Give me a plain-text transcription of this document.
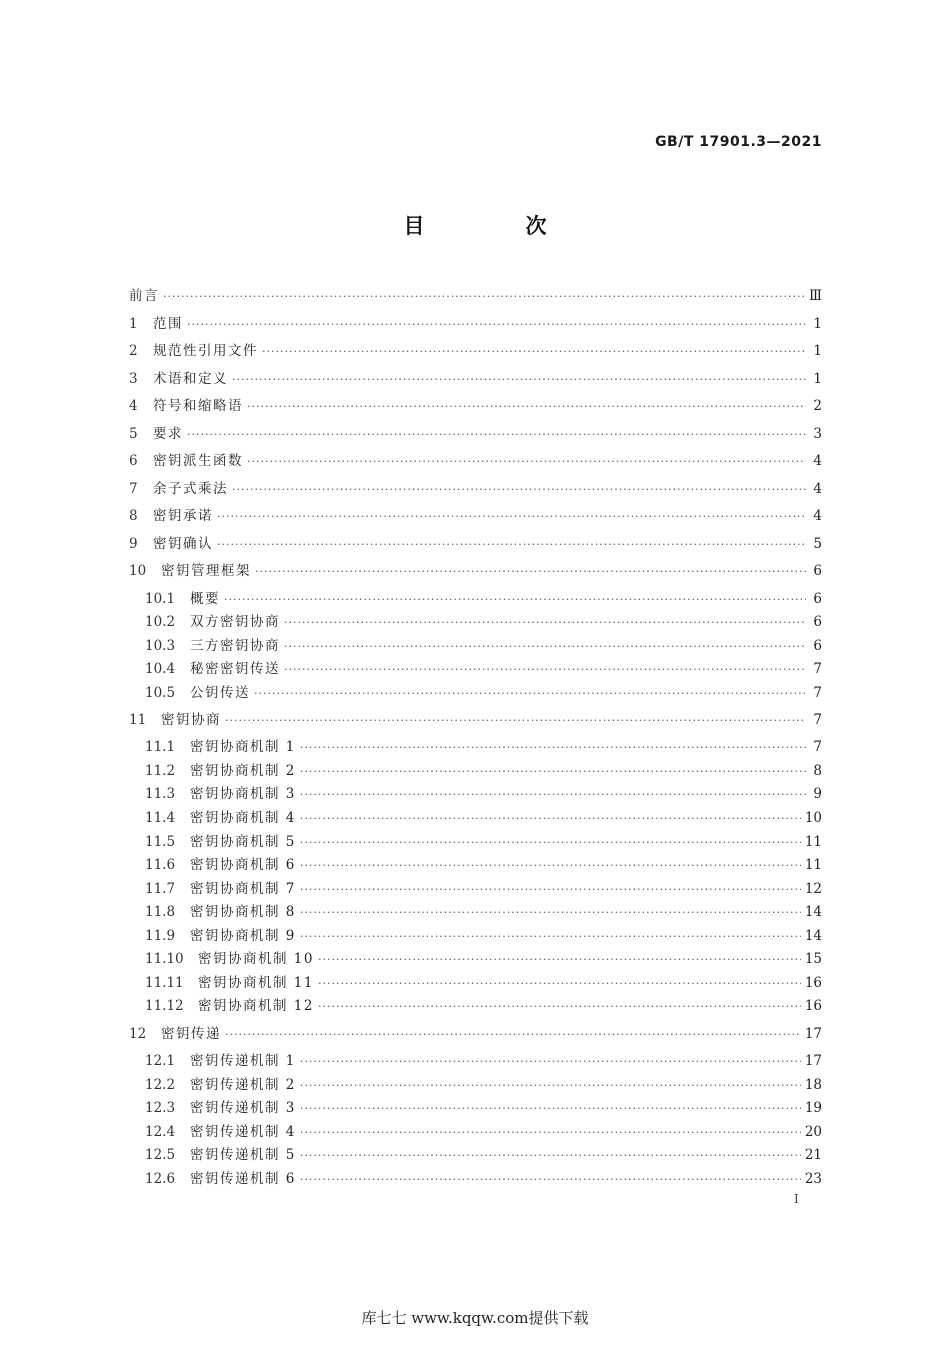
GB/T 17901.3—2021
目　次
前言 ·····	Ⅲ
1	范围 ·····	1
2	规范性引用文件 ·····	1
3	术语和定义 ·····	1
4	符号和缩略语 ·····	2
5	要求 ·····	3
6	密钥派生函数 ·····	4
7	余子式乘法 ·····	4
8	密钥承诺 ·····	4
9	密钥确认 ·····	5
10	密钥管理框架 ·····	6
10.1	概要 ·····	6
10.2	双方密钥协商 ·····	6
10.3	三方密钥协商 ·····	6
10.4	秘密密钥传送 ·····	7
10.5	公钥传送 ·····	7
11	密钥协商 ·····	7
11.1	密钥协商机制 1 ·····	7
11.2	密钥协商机制 2 ·····	8
11.3	密钥协商机制 3 ·····	9
11.4	密钥协商机制 4 ·····	10
11.5	密钥协商机制 5 ·····	11
11.6	密钥协商机制 6 ·····	11
11.7	密钥协商机制 7 ·····	12
11.8	密钥协商机制 8 ·····	14
11.9	密钥协商机制 9 ·····	14
11.10	密钥协商机制 10 ·····	15
11.11	密钥协商机制 11 ·····	16
11.12	密钥协商机制 12 ·····	16
12	密钥传递 ·····	17
12.1	密钥传递机制 1 ·····	17
12.2	密钥传递机制 2 ·····	18
12.3	密钥传递机制 3 ·····	19
12.4	密钥传递机制 4 ·····	20
12.5	密钥传递机制 5 ·····	21
12.6	密钥传递机制 6 ·····	23
I
库七七 www.kqqw.com提供下载
